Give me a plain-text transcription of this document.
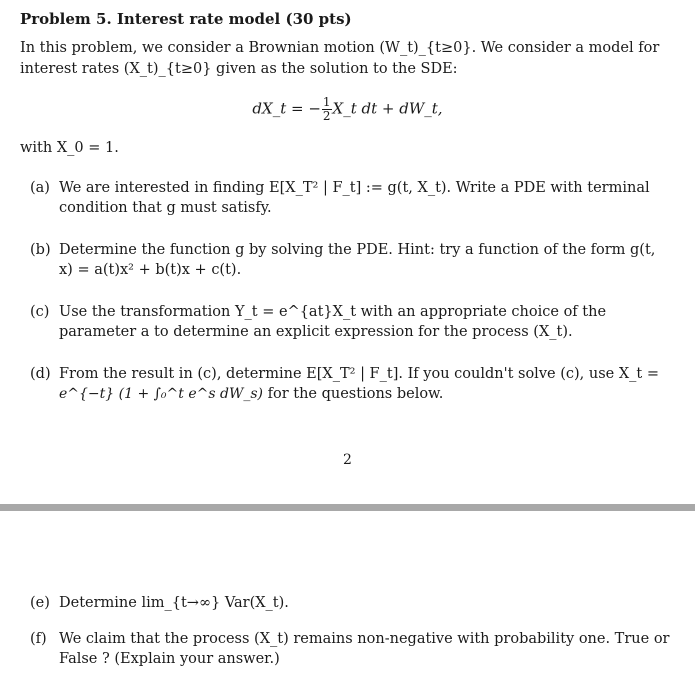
Problem 5. Interest rate model (30 pts)
In this problem, we consider a Brownian motion (W_t)_{t≥0}. We consider a model for interest rates (X_t)_{t≥0} given as the solution to the SDE:
dX_t = − $\frac{1}{2}$ X_t dt + dW_t,
with X_0 = 1.
(a) We are interested in finding E[X_T² | F_t] := g(t, X_t). Write a PDE with terminal condition that g must satisfy.
(b) Determine the function g by solving the PDE. Hint: try a function of the form g(t, x) = a(t)x² + b(t)x + c(t).
(c) Use the transformation Y_t = e^{at}X_t with an appropriate choice of the parameter a to determine an explicit expression for the process (X_t).
(d) From the result in (c), determine E[X_T² | F_t]. If you couldn't solve (c), use X_t =
e^{−t} (1 + ∫₀^t e^s dW_s) for the questions below.
2
(e) Determine lim_{t→∞} Var(X_t).
(f) We claim that the process (X_t) remains non-negative with probability one. True or False ? (Explain your answer.)
